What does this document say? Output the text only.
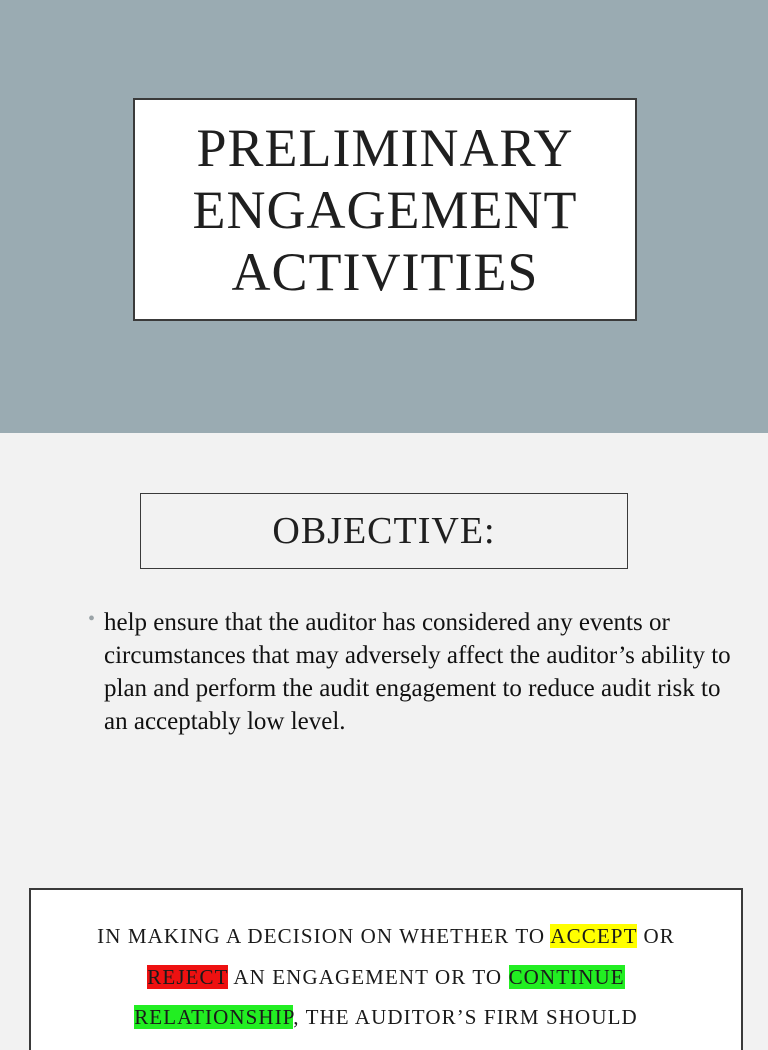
PRELIMINARY
ENGAGEMENT
ACTIVITIES
OBJECTIVE:
• help ensure that the auditor has considered any events or circumstances that may adversely affect the auditor’s ability to plan and perform the audit engagement to reduce audit risk to an acceptably low level.
IN MAKING A DECISION ON WHETHER TO ACCEPT OR
REJECT AN ENGAGEMENT OR TO CONTINUE
RELATIONSHIP, THE AUDITOR’S FIRM SHOULD
